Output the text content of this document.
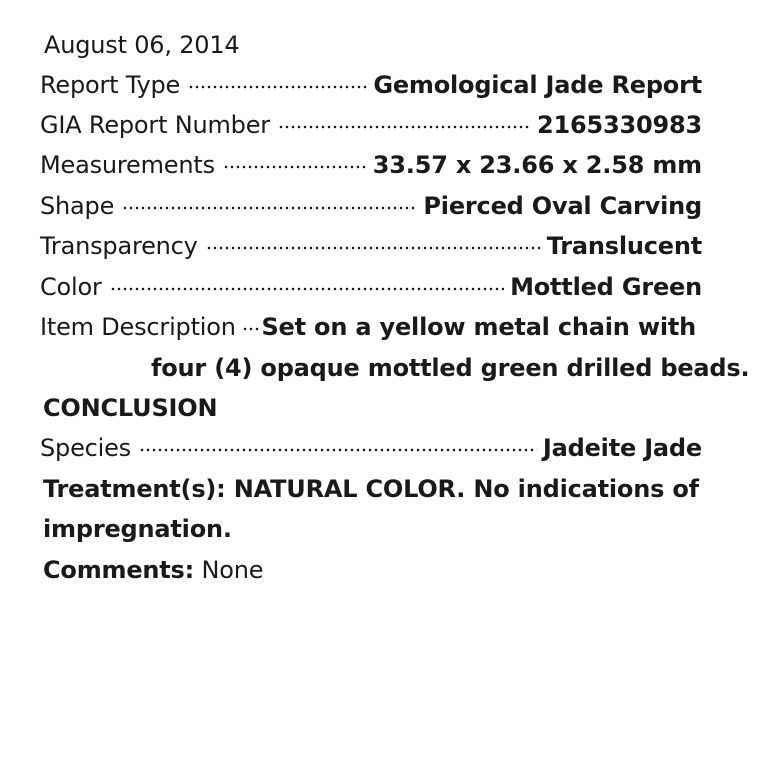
August 06, 2014
Report Type	Gemological Jade Report
GIA Report Number	2165330983
Measurements	33.57 x 23.66 x 2.58 mm
Shape	Pierced Oval Carving
Transparency	Translucent
Color	Mottled Green
Item Description Set on a yellow metal chain with
four (4) opaque mottled green drilled beads.
CONCLUSION
Species	Jadeite Jade
Treatment(s): NATURAL COLOR. No indications of
impregnation.
Comments: None
